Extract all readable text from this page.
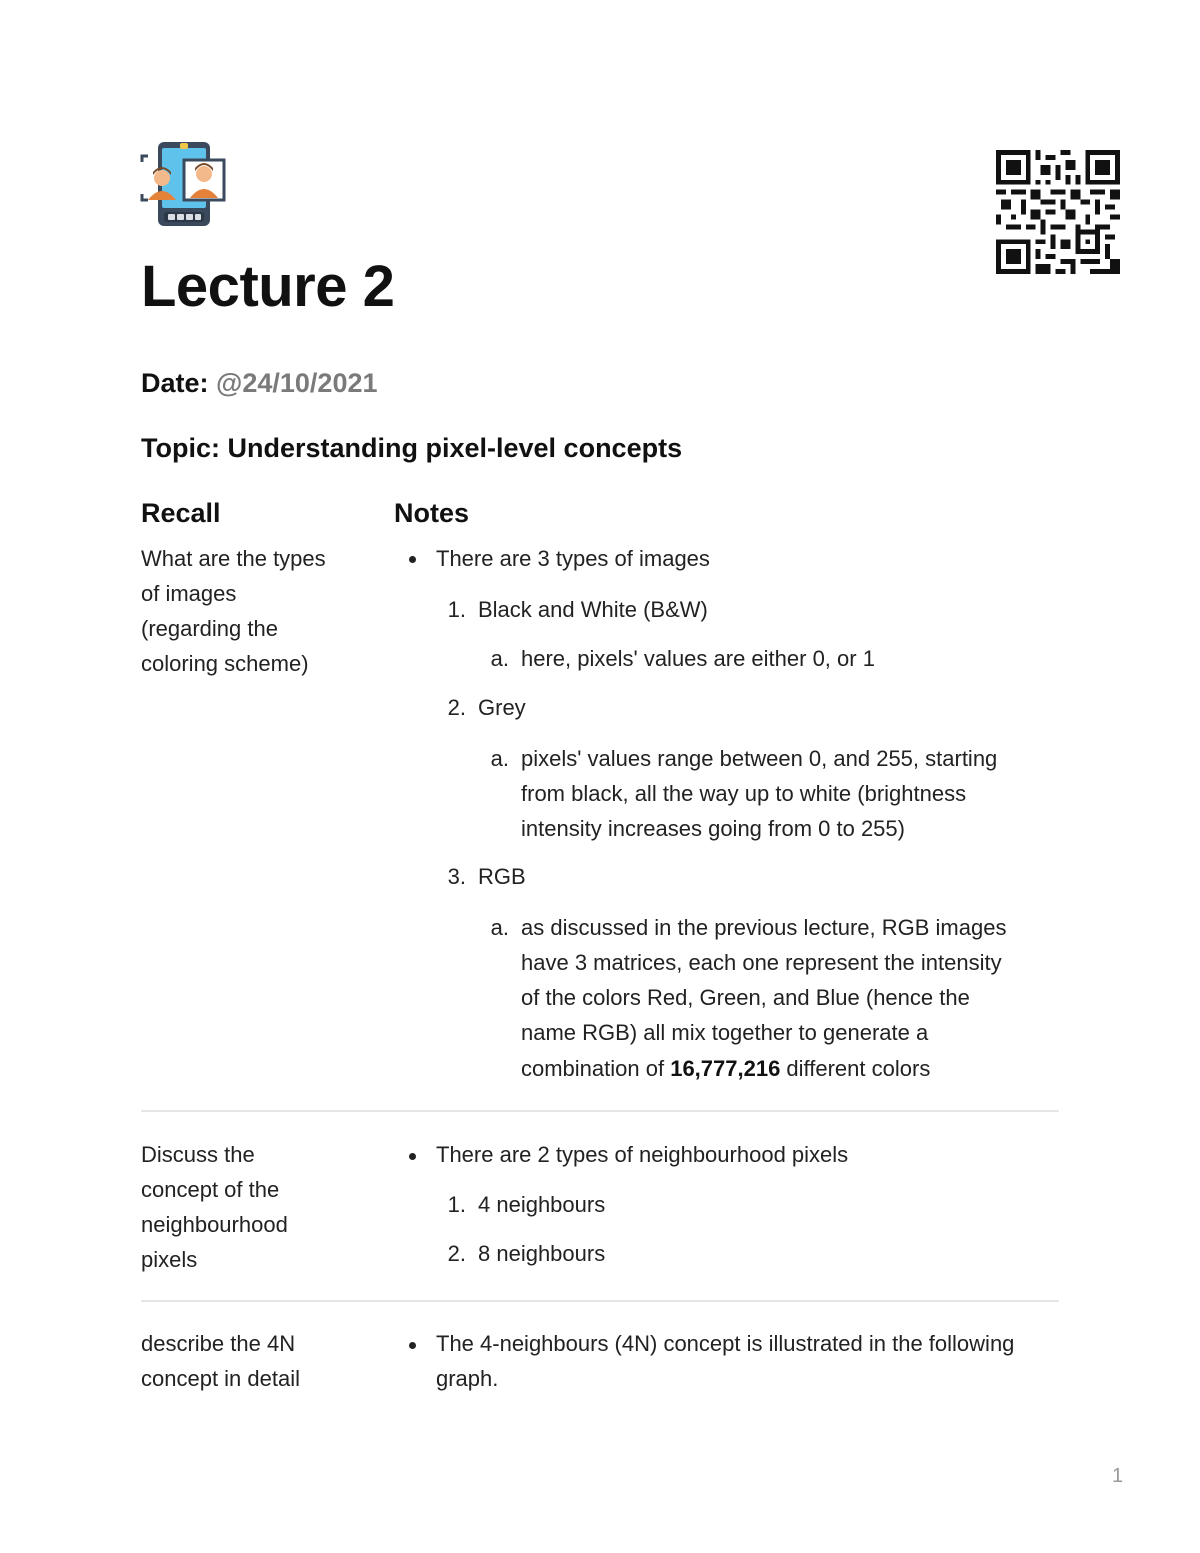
Lecture 2

Date: @24/10/2021

Topic: Understanding pixel-level concepts

Recall	Notes
What are the types
of images
(regarding the
coloring scheme)
There are 3 types of images
1. Black and White (B&W)
a. here, pixels' values are either 0, or 1
2. Grey
a. pixels' values range between 0, and 255, starting
from black, all the way up to white (brightness
intensity increases going from 0 to 255)
3. RGB
a. as discussed in the previous lecture, RGB images
have 3 matrices, each one represent the intensity
of the colors Red, Green, and Blue (hence the
name RGB) all mix together to generate a
combination of 16,777,216 different colors
Discuss the
concept of the
neighbourhood
pixels
There are 2 types of neighbourhood pixels
1. 4 neighbours
2. 8 neighbours
describe the 4N
concept in detail
The 4-neighbours (4N) concept is illustrated in the following
graph.
1
